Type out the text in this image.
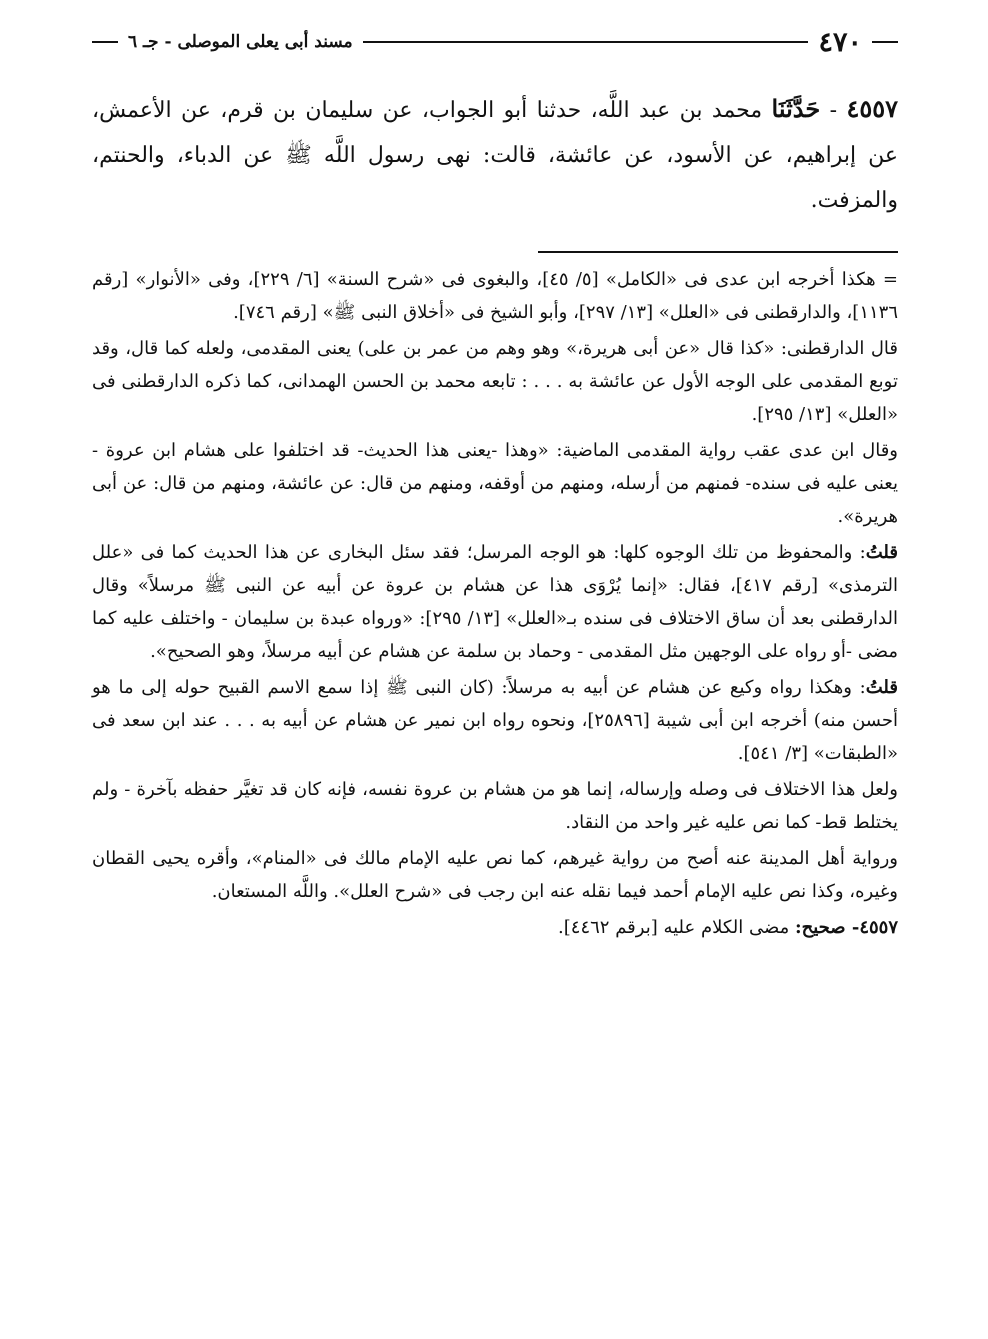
٤٧٠
مسند أبى يعلى الموصلى - جـ ٦
٤٥٥٧ - حَدَّثَنَا محمد بن عبد اللَّه، حدثنا أبو الجواب، عن سليمان بن قرم، عن الأعمش، عن إبراهيم، عن الأسود، عن عائشة، قالت: نهى رسول اللَّه ﷺ عن الدباء، والحنتم، والمزفت.

= هكذا أخرجه ابن عدى فى «الكامل» [٥/ ٤٥]، والبغوى فى «شرح السنة» [٦/ ٢٢٩]، وفى «الأنوار» [رقم ١١٣٦]، والدارقطنى فى «العلل» [١٣/ ٢٩٧]، وأبو الشيخ فى «أخلاق النبى ﷺ» [رقم ٧٤٦].

قال الدارقطنى: «كذا قال «عن أبى هريرة،» وهو وهم من عمر بن على) يعنى المقدمى، ولعله كما قال، وقد توبع المقدمى على الوجه الأول عن عائشة به . . . : تابعه محمد بن الحسن الهمدانى، كما ذكره الدارقطنى فى «العلل» [١٣/ ٢٩٥].

وقال ابن عدى عقب رواية المقدمى الماضية: «وهذا -يعنى هذا الحديث- قد اختلفوا على هشام ابن عروة - يعنى عليه فى سنده- فمنهم من أرسله، ومنهم من أوقفه، ومنهم من قال: عن عائشة، ومنهم من قال: عن أبى هريرة».

قلتُ: والمحفوظ من تلك الوجوه كلها: هو الوجه المرسل؛ فقد سئل البخارى عن هذا الحديث كما فى «علل الترمذى» [رقم ٤١٧]، فقال: «إنما يُرْوَى هذا عن هشام بن عروة عن أبيه عن النبى ﷺ مرسلاً» وقال الدارقطنى بعد أن ساق الاختلاف فى سنده بـ«العلل» [١٣/ ٢٩٥]: «ورواه عبدة بن سليمان - واختلف عليه كما مضى -أو رواه على الوجهين مثل المقدمى - وحماد بن سلمة عن هشام عن أبيه مرسلاً، وهو الصحيح».

قلتُ: وهكذا رواه وكيع عن هشام عن أبيه به مرسلاً: (كان النبى ﷺ إذا سمع الاسم القبيح حوله إلى ما هو أحسن منه) أخرجه ابن أبى شيبة [٢٥٨٩٦]، ونحوه رواه ابن نمير عن هشام عن أبيه به . . . عند ابن سعد فى «الطبقات» [٣/ ٥٤١].

ولعل هذا الاختلاف فى وصله وإرساله، إنما هو من هشام بن عروة نفسه، فإنه كان قد تغيَّر حفظه بآخرة - ولم يختلط قط- كما نص عليه غير واحد من النقاد.

ورواية أهل المدينة عنه أصح من رواية غيرهم، كما نص عليه الإمام مالك فى «المنام»، وأقره يحيى القطان وغيره، وكذا نص عليه الإمام أحمد فيما نقله عنه ابن رجب فى «شرح العلل». واللَّه المستعان.

٤٥٥٧- صحيح: مضى الكلام عليه [برقم ٤٤٦٢].
